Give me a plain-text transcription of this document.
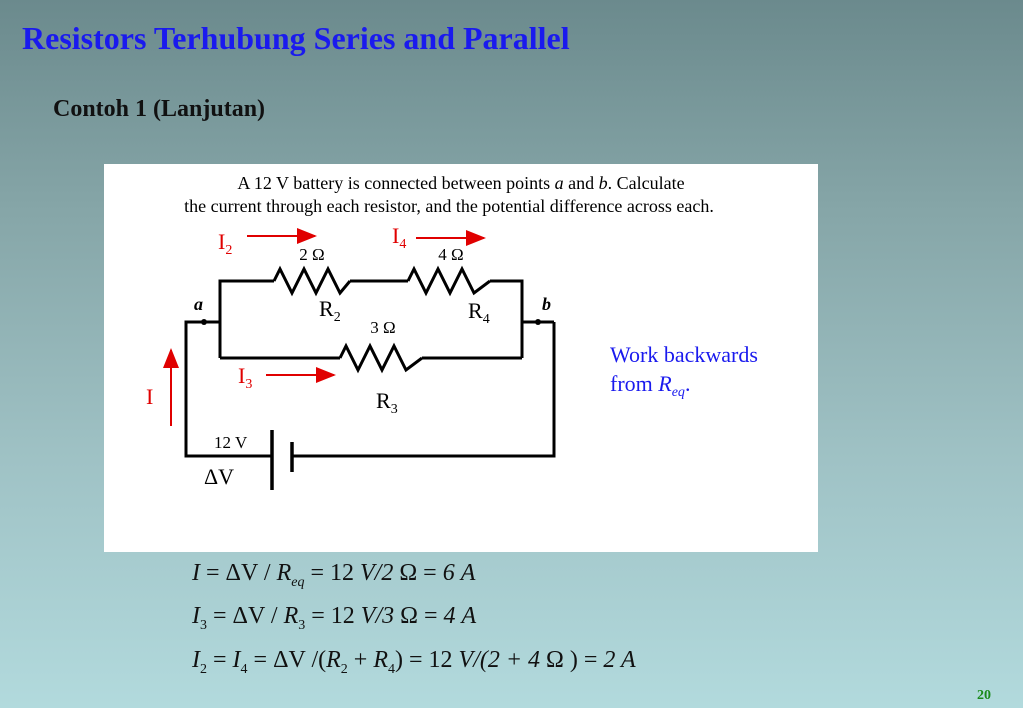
Resistors Terhubung Series and Parallel
Contoh 1 (Lanjutan)
A 12 V battery is connected between points a and b. Calculate
the current through each resistor, and the potential difference across each.
a	b
2 Ω	4 Ω
3 Ω
$R_2$	$R_4$
$R_3$
$I_2$
$I_4$
$I_3$
I
12 V
ΔV
Work backwards
from $R_{eq}$.
$I = \Delta V / R_{eq} = 12$ V/2 Ω = 6 A
$I_3 = \Delta V / R_3 = 12$ V/3 Ω = 4 A
$I_2 = I_4 = \Delta V$ $/(R_2 + R_4) = 12$ V/(2 + 4 Ω ) = 2 A
20
